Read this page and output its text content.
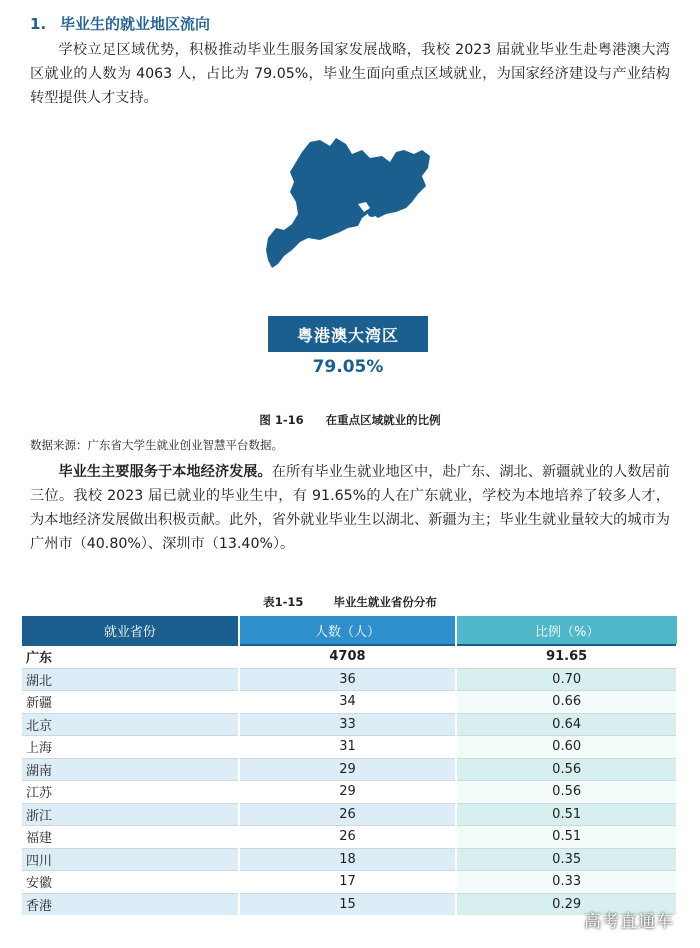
1. 毕业生的就业地区流向
学校立足区域优势，积极推动毕业生服务国家发展战略，我校 2023 届就业毕业生赴粤港澳大湾区就业的人数为 4063 人，占比为 79.05%，毕业生面向重点区域就业，为国家经济建设与产业结构转型提供人才支持。
粤港澳大湾区
79.05%
图 1-16 在重点区域就业的比例
数据来源：广东省大学生就业创业智慧平台数据。
毕业生主要服务于本地经济发展。在所有毕业生就业地区中，赴广东、湖北、新疆就业的人数居前三位。我校 2023 届已就业的毕业生中，有 91.65%的人在广东就业，学校为本地培养了较多人才，为本地经济发展做出积极贡献。此外，省外就业毕业生以湖北、新疆为主；毕业生就业量较大的城市为广州市（40.80%）、深圳市（13.40%）。
表1-15	毕业生就业省份分布
就业省份	人数（人）	比例（%）
广东	4708	91.65
湖北	36	0.70
新疆	34	0.66
北京	33	0.64
上海	31	0.60
湖南	29	0.56
江苏	29	0.56
浙江	26	0.51
福建	26	0.51
四川	18	0.35
安徽	17	0.33
香港	15	0.29
高考直通车
